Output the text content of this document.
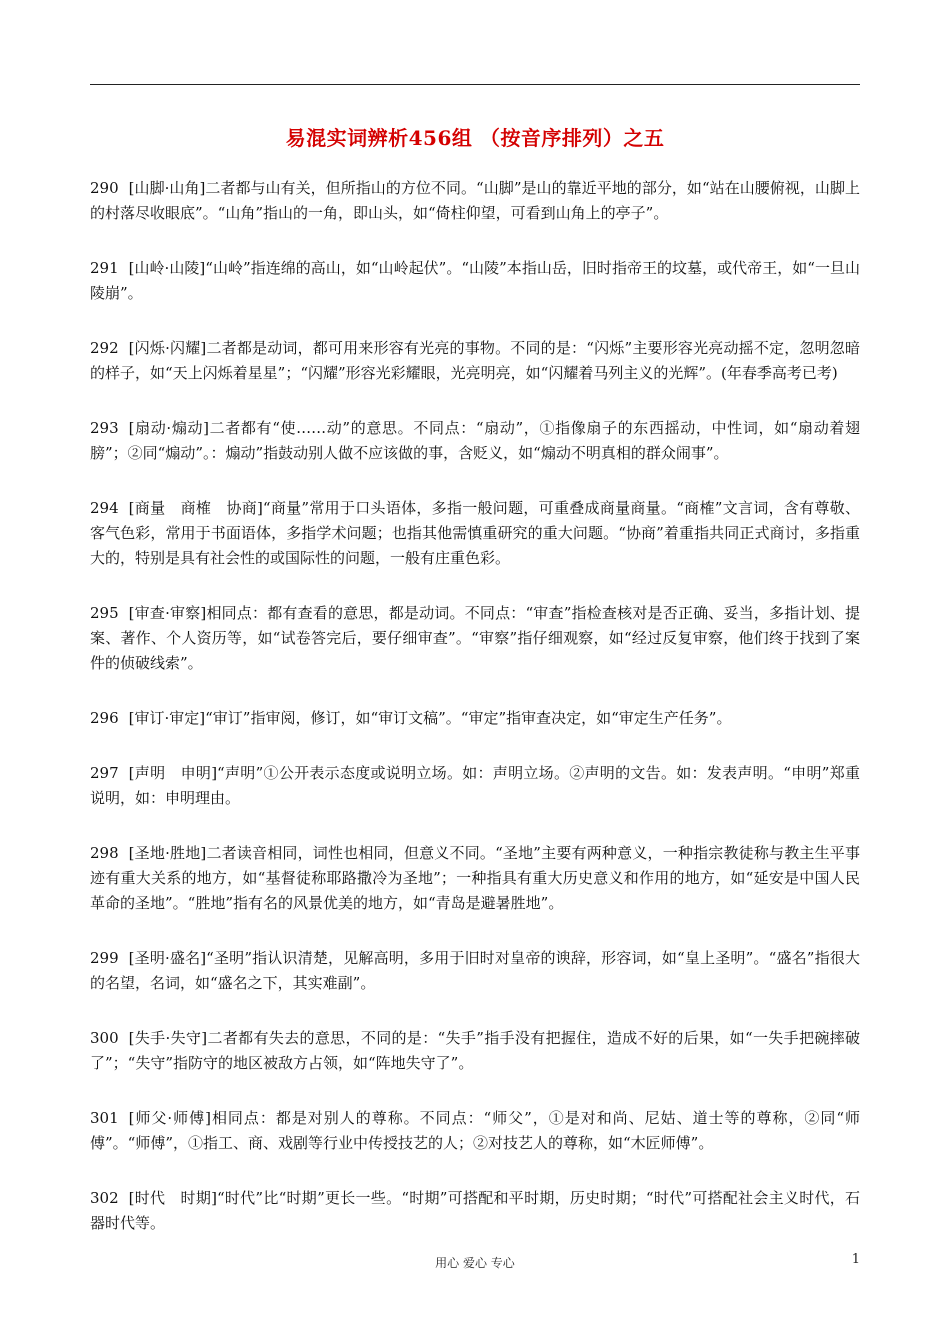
易混实词辨析456组 （按音序排列）之五

290 [山脚·山角]二者都与山有关，但所指山的方位不同。“山脚”是山的靠近平地的部分，如“站在山腰俯视，山脚上的村落尽收眼底”。“山角”指山的一角，即山头，如“倚柱仰望，可看到山角上的亭子”。

291 [山岭·山陵]“山岭”指连绵的高山，如“山岭起伏”。“山陵”本指山岳，旧时指帝王的坟墓，或代帝王，如“一旦山陵崩”。

292 [闪烁·闪耀]二者都是动词，都可用来形容有光亮的事物。不同的是：“闪烁”主要形容光亮动摇不定，忽明忽暗的样子，如“天上闪烁着星星”；“闪耀”形容光彩耀眼，光亮明亮，如“闪耀着马列主义的光辉”。(年春季高考已考)

293 [扇动·煽动]二者都有“使……动”的意思。不同点：“扇动”，①指像扇子的东西摇动，中性词，如“扇动着翅膀”；②同“煽动”。：煽动”指鼓动别人做不应该做的事，含贬义，如“煽动不明真相的群众闹事”。

294 [商量　商榷　协商]“商量”常用于口头语体，多指一般问题，可重叠成商量商量。“商榷”文言词，含有尊敬、客气色彩，常用于书面语体，多指学术问题；也指其他需慎重研究的重大问题。“协商”着重指共同正式商讨，多指重大的，特别是具有社会性的或国际性的问题，一般有庄重色彩。

295 [审查·审察]相同点：都有查看的意思，都是动词。不同点：“审查”指检查核对是否正确、妥当，多指计划、提案、著作、个人资历等，如“试卷答完后，要仔细审查”。“审察”指仔细观察，如“经过反复审察，他们终于找到了案件的侦破线索”。

296 [审订·审定]“审订”指审阅，修订，如“审订文稿”。“审定”指审查决定，如“审定生产任务”。

297 [声明　申明]“声明”①公开表示态度或说明立场。如：声明立场。②声明的文告。如：发表声明。“申明”郑重说明，如：申明理由。

298 [圣地·胜地]二者读音相同，词性也相同，但意义不同。“圣地”主要有两种意义，一种指宗教徒称与教主生平事迹有重大关系的地方，如“基督徒称耶路撒冷为圣地”；一种指具有重大历史意义和作用的地方，如“延安是中国人民革命的圣地”。“胜地”指有名的风景优美的地方，如“青岛是避暑胜地”。

299 [圣明·盛名]“圣明”指认识清楚，见解高明，多用于旧时对皇帝的谀辞，形容词，如“皇上圣明”。“盛名”指很大的名望，名词，如“盛名之下，其实难副”。

300 [失手·失守]二者都有失去的意思，不同的是：“失手”指手没有把握住，造成不好的后果，如“一失手把碗摔破了”；“失守”指防守的地区被敌方占领，如“阵地失守了”。

301 [师父·师傅]相同点：都是对别人的尊称。不同点：“师父”，①是对和尚、尼姑、道士等的尊称，②同“师傅”。“师傅”，①指工、商、戏剧等行业中传授技艺的人；②对技艺人的尊称，如“木匠师傅”。

302 [时代　时期]“时代”比“时期”更长一些。“时期”可搭配和平时期，历史时期；“时代”可搭配社会主义时代，石器时代等。

用心 爱心 专心	1
